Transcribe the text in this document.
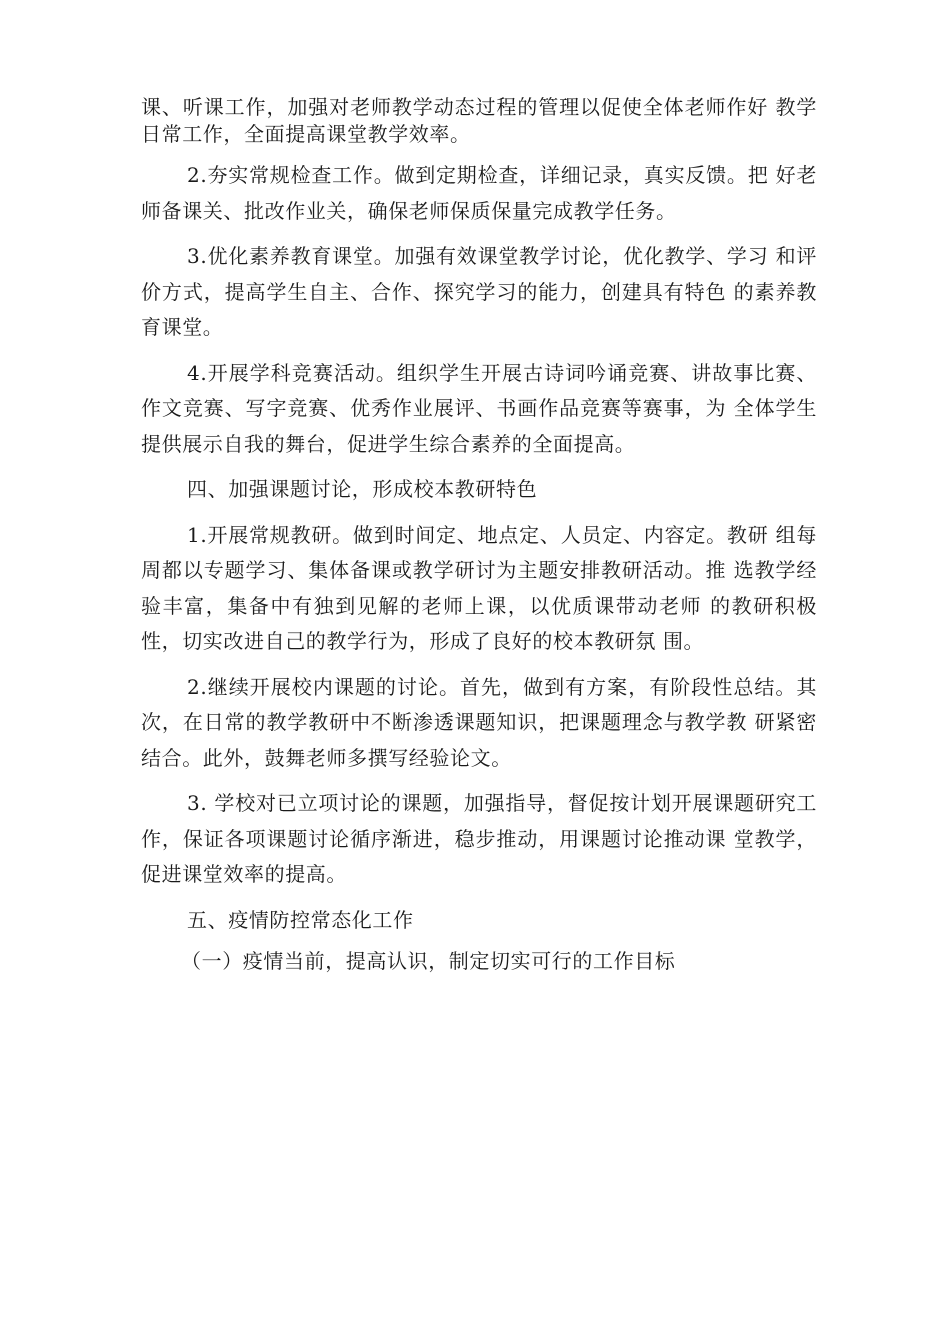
课、听课工作，加强对老师教学动态过程的管理以促使全体老师作好 教学日常工作，全面提高课堂教学效率。

2.夯实常规检查工作。做到定期检查，详细记录，真实反馈。把 好老师备课关、批改作业关，确保老师保质保量完成教学任务。

3.优化素养教育课堂。加强有效课堂教学讨论，优化教学、学习 和评价方式，提高学生自主、合作、探究学习的能力，创建具有特色 的素养教育课堂。

4.开展学科竞赛活动。组织学生开展古诗词吟诵竞赛、讲故事比赛、作文竞赛、写字竞赛、优秀作业展评、书画作品竞赛等赛事，为 全体学生提供展示自我的舞台，促进学生综合素养的全面提高。

四、加强课题讨论，形成校本教研特色

1.开展常规教研。做到时间定、地点定、人员定、内容定。教研 组每周都以专题学习、集体备课或教学研讨为主题安排教研活动。推 选教学经验丰富，集备中有独到见解的老师上课，以优质课带动老师 的教研积极性，切实改进自己的教学行为，形成了良好的校本教研氛 围。

2.继续开展校内课题的讨论。首先，做到有方案，有阶段性总结。其次，在日常的教学教研中不断渗透课题知识，把课题理念与教学教 研紧密结合。此外，鼓舞老师多撰写经验论文。

3. 学校对已立项讨论的课题，加强指导，督促按计划开展课题研究工作，保证各项课题讨论循序渐进，稳步推动，用课题讨论推动课 堂教学，促进课堂效率的提高。

五、疫情防控常态化工作

（一）疫情当前，提高认识，制定切实可行的工作目标
